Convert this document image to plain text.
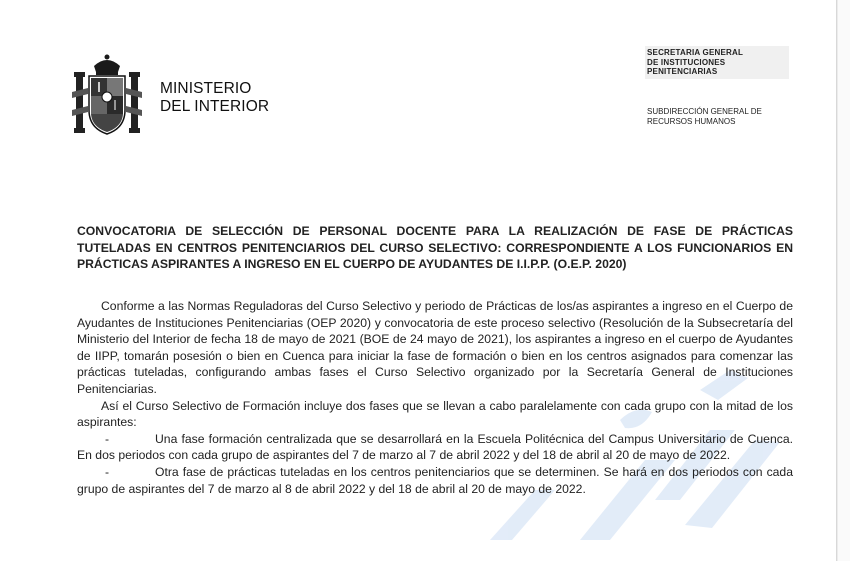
MINISTERIO
DEL INTERIOR
SECRETARIA GENERAL
DE INSTITUCIONES
PENITENCIARIAS
SUBDIRECCIÓN GENERAL DE
RECURSOS HUMANOS
CONVOCATORIA DE SELECCIÓN DE PERSONAL DOCENTE PARA LA REALIZACIÓN DE FASE DE PRÁCTICAS TUTELADAS EN CENTROS PENITENCIARIOS DEL CURSO SELECTIVO: CORRESPONDIENTE A LOS FUNCIONARIOS EN PRÁCTICAS ASPIRANTES A INGRESO EN EL CUERPO DE AYUDANTES DE I.I.P.P. (O.E.P. 2020)

Conforme a las Normas Reguladoras del Curso Selectivo y periodo de Prácticas de los/as aspirantes a ingreso en el Cuerpo de Ayudantes de Instituciones Penitenciarias (OEP 2020) y convocatoria de este proceso selectivo (Resolución de la Subsecretaría del Ministerio del Interior de fecha 18 de mayo de 2021 (BOE de 24 mayo de 2021), los aspirantes a ingreso en el cuerpo de Ayudantes de IIPP, tomarán posesión o bien en Cuenca para iniciar la fase de formación o bien en los centros asignados para comenzar las prácticas tuteladas, configurando ambas fases el Curso Selectivo organizado por la Secretaría General de Instituciones Penitenciarias.

Así el Curso Selectivo de Formación incluye dos fases que se llevan a cabo paralelamente con cada grupo con la mitad de los aspirantes:

-	Una fase formación centralizada que se desarrollará en la Escuela Politécnica del Campus Universitario de Cuenca. En dos periodos con cada grupo de aspirantes del 7 de marzo al 7 de abril 2022 y del 18 de abril al 20 de mayo de 2022.

-	Otra fase de prácticas tuteladas en los centros penitenciarios que se determinen. Se hará en dos periodos con cada grupo de aspirantes del 7 de marzo al 8 de abril 2022 y del 18 de abril al 20 de mayo de 2022.
